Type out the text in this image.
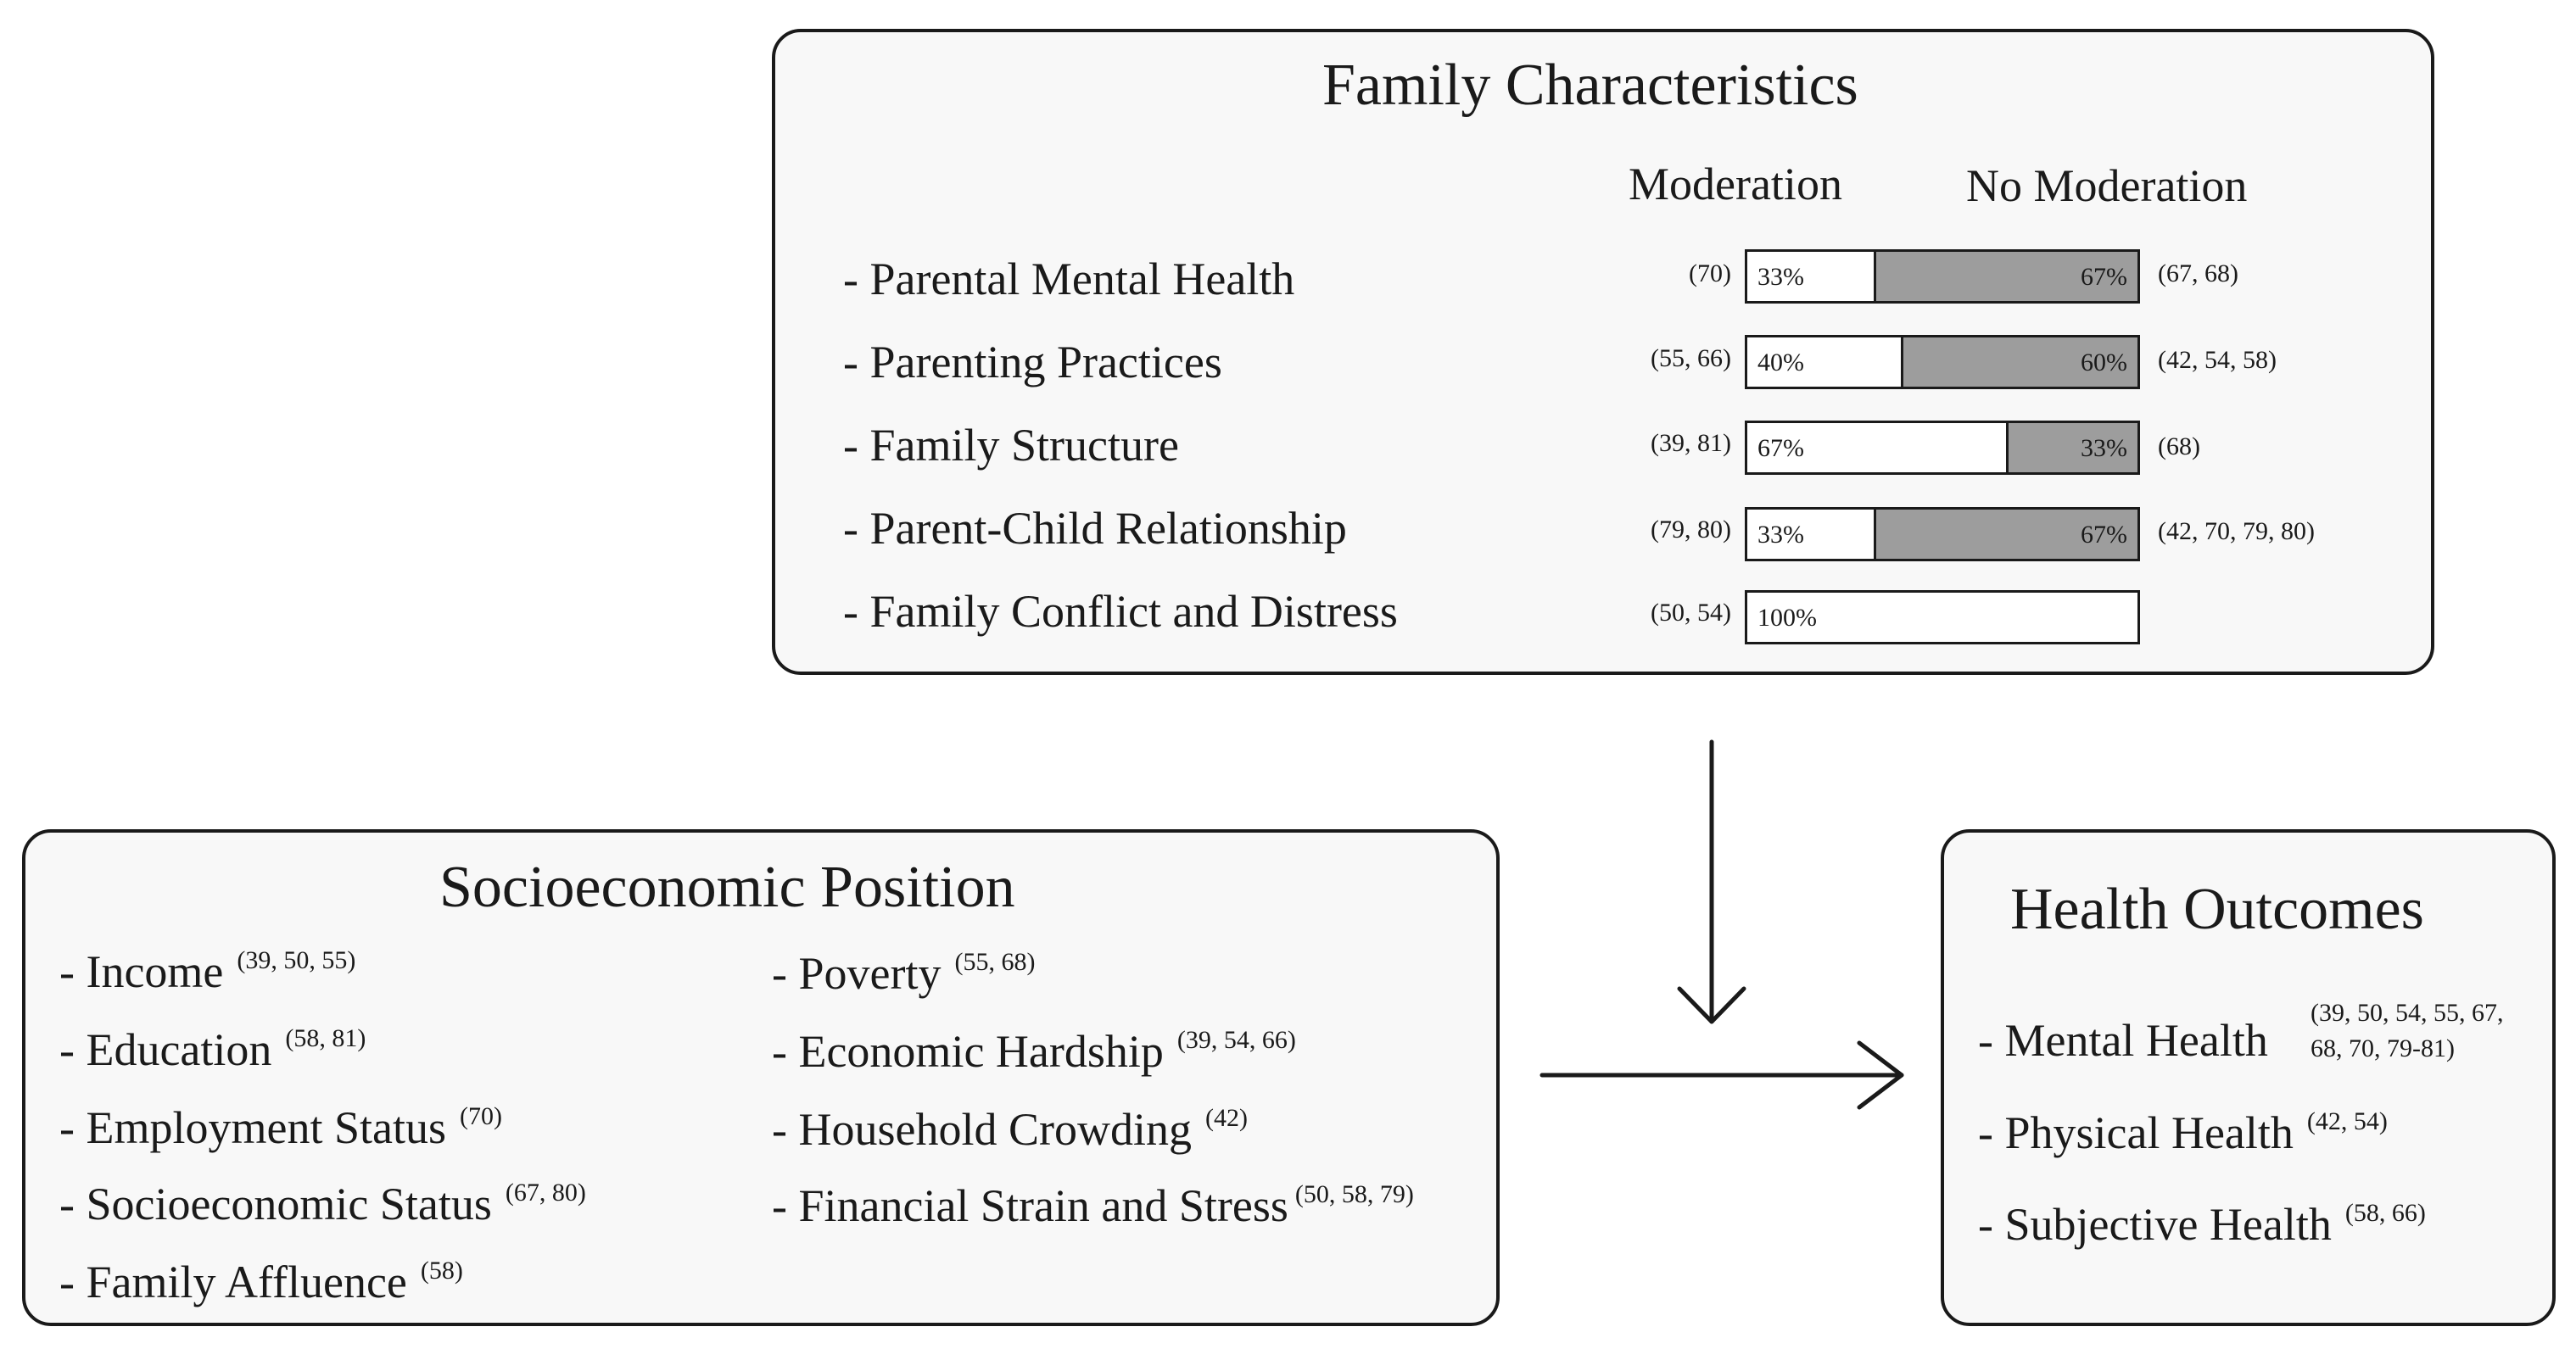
Family Characteristics
Moderation	No Moderation
- Parental Mental Health	(70) 33%	67% (67, 68)
- Parenting Practices	(55, 66) 40%	60% (42, 54, 58)
- Family Structure	(39, 81) 67%	33% (68)
- Parent-Child Relationship	(79, 80) 33%	67% (42, 70, 79, 80)
- Family Conflict and Distress	(50, 54) 100%
Socioeconomic Position
- Income $^{(39, 50, 55)}$
- Education $^{(58, 81)}$
- Employment Status $^{(70)}$
- Socioeconomic Status $^{(67, 80)}$
- Family Affluence $^{(58)}$
- Poverty $^{(55, 68)}$
- Economic Hardship $^{(39, 54, 66)}$
- Household Crowding $^{(42)}$
- Financial Strain and Stress $^{(50, 58, 79)}$
Health Outcomes
- Mental Health
(39, 50, 54, 55, 67,
68, 70, 79-81)
- Physical Health $^{(42, 54)}$
- Subjective Health $^{(58, 66)}$
